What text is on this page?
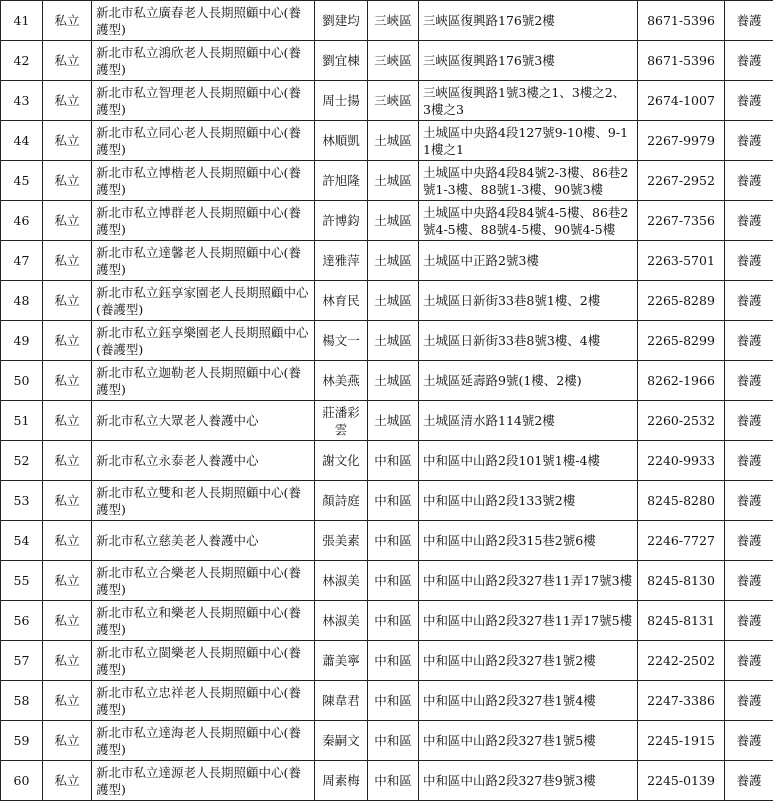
41	私立	新北市私立廣春老人長期照顧中心(養護型)	劉建均	三峽區	三峽區復興路176號2樓	8671-5396	養護
42	私立	新北市私立鴻欣老人長期照顧中心(養護型)	劉宜棟	三峽區	三峽區復興路176號3樓	8671-5396	養護
43	私立	新北市私立智理老人長期照顧中心(養護型)	周士揚	三峽區	三峽區復興路1號3樓之1、3樓之2、3樓之3	2674-1007	養護
44	私立	新北市私立同心老人長期照顧中心(養護型)	林順凱	土城區	土城區中央路4段127號9-10樓、9-11樓之1	2267-9979	養護
45	私立	新北市私立博楷老人長期照顧中心(養護型)	許旭隆	土城區	土城區中央路4段84號2-3樓、86巷2號1-3樓、88號1-3樓、90號3樓	2267-2952	養護
46	私立	新北市私立博群老人長期照顧中心(養護型)	許博鈞	土城區	土城區中央路4段84號4-5樓、86巷2號4-5樓、88號4-5樓、90號4-5樓	2267-7356	養護
47	私立	新北市私立達馨老人長期照顧中心(養護型)	達雅萍	土城區	土城區中正路2號3樓	2263-5701	養護
48	私立	新北市私立鈺享家園老人長期照顧中心(養護型)	林育民	土城區	土城區日新街33巷8號1樓、2樓	2265-8289	養護
49	私立	新北市私立鈺享樂園老人長期照顧中心(養護型)	楊文一	土城區	土城區日新街33巷8號3樓、4樓	2265-8299	養護
50	私立	新北市私立迦勒老人長期照顧中心(養護型)	林美燕	土城區	土城區延壽路9號(1樓、2樓)	8262-1966	養護
51	私立	新北市私立大眾老人養護中心	莊潘彩雲	土城區	土城區清水路114號2樓	2260-2532	養護
52	私立	新北市私立永泰老人養護中心	謝文化	中和區	中和區中山路2段101號1樓-4樓	2240-9933	養護
53	私立	新北市私立雙和老人長期照顧中心(養護型)	顏詩庭	中和區	中和區中山路2段133號2樓	8245-8280	養護
54	私立	新北市私立慈美老人養護中心	張美素	中和區	中和區中山路2段315巷2號6樓	2246-7727	養護
55	私立	新北市私立合樂老人長期照顧中心(養護型)	林淑美	中和區	中和區中山路2段327巷11弄17號3樓	8245-8130	養護
56	私立	新北市私立和樂老人長期照顧中心(養護型)	林淑美	中和區	中和區中山路2段327巷11弄17號5樓	8245-8131	養護
57	私立	新北市私立閩樂老人長期照顧中心(養護型)	蕭美寧	中和區	中和區中山路2段327巷1號2樓	2242-2502	養護
58	私立	新北市私立忠祥老人長期照顧中心(養護型)	陳韋君	中和區	中和區中山路2段327巷1號4樓	2247-3386	養護
59	私立	新北市私立達海老人長期照顧中心(養護型)	秦嗣文	中和區	中和區中山路2段327巷1號5樓	2245-1915	養護
60	私立	新北市私立達源老人長期照顧中心(養護型)	周素梅	中和區	中和區中山路2段327巷9號3樓	2245-0139	養護
